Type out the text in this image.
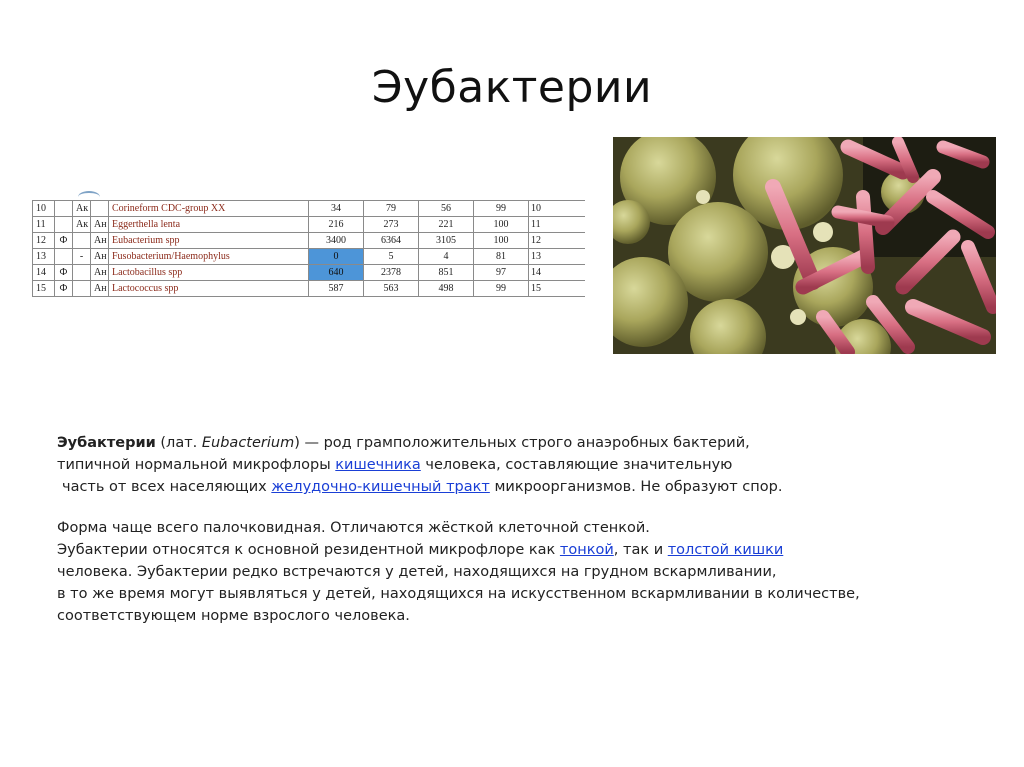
Эубактерии
10		Ак		Corineform CDC-group XX	34	79	56	99	10
11		Ак	Ан	Eggerthella lenta	216	273	221	100	11
12	Ф		Ан	Eubacterium spp	3400	6364	3105	100	12
13		-	Ан	Fusobacterium/Haemophylus	0	5	4	81	13
14	Ф		Ан	Lactobacillus spp	640	2378	851	97	14
15	Ф		Ан	Lactococcus spp	587	563	498	99	15
Эубактерии (лат. Eubacterium) — род грамположительных строго анаэробных бактерий,
типичной нормальной микрофлоры кишечника человека, составляющие значительную
часть от всех населяющих желудочно-кишечный тракт микроорганизмов. Не образуют спор.
Форма чаще всего палочковидная. Отличаются жёсткой клеточной стенкой.
Эубактерии относятся к основной резидентной микрофлоре как тонкой, так и толстой кишки
человека. Эубактерии редко встречаются у детей, находящихся на грудном вскармливании,
в то же время могут выявляться у детей, находящихся на искусственном вскармливании в количестве,
соответствующем норме взрослого человека.
